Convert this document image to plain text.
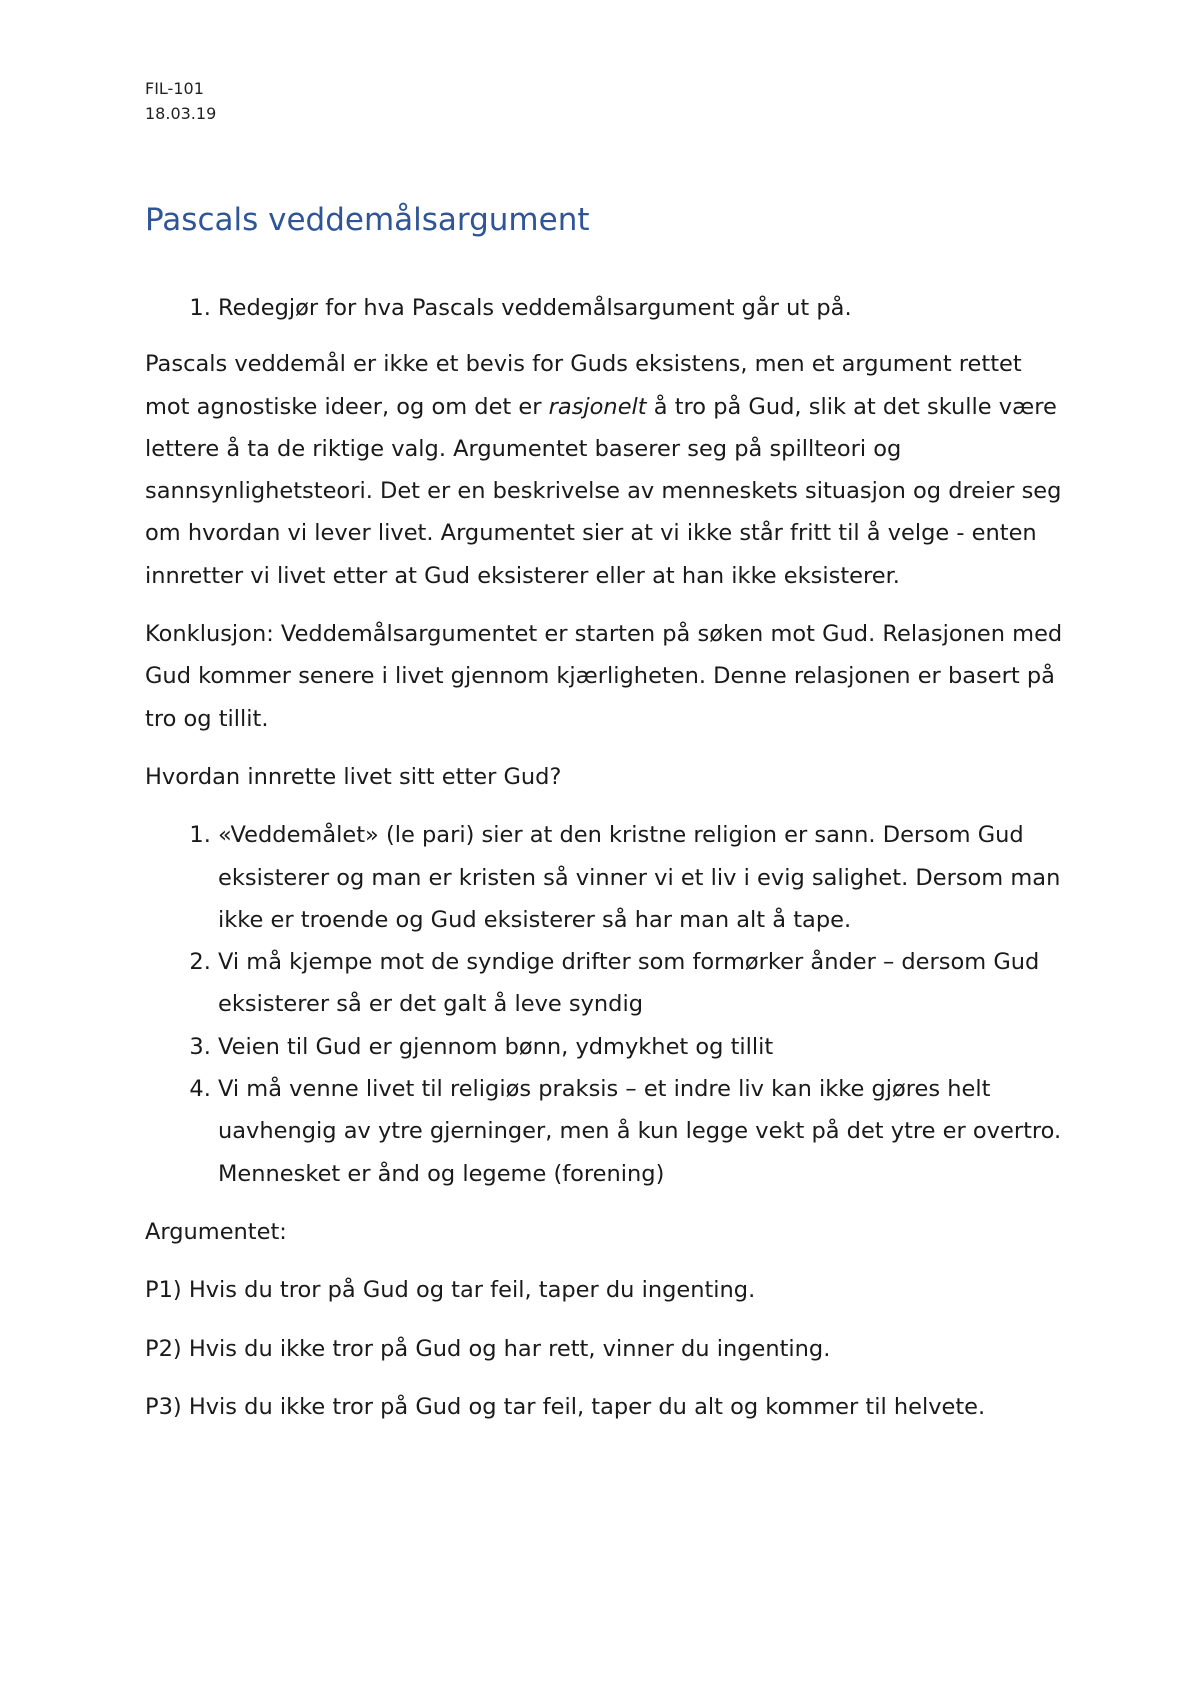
FIL-101
18.03.19
Pascals veddemålsargument
1. Redegjør for hva Pascals veddemålsargument går ut på.

Pascals veddemål er ikke et bevis for Guds eksistens, men et argument rettet mot agnostiske ideer, og om det er rasjonelt å tro på Gud, slik at det skulle være lettere å ta de riktige valg. Argumentet baserer seg på spillteori og sannsynlighetsteori. Det er en beskrivelse av menneskets situasjon og dreier seg om hvordan vi lever livet. Argumentet sier at vi ikke står fritt til å velge - enten innretter vi livet etter at Gud eksisterer eller at han ikke eksisterer.

Konklusjon: Veddemålsargumentet er starten på søken mot Gud. Relasjonen med Gud kommer senere i livet gjennom kjærligheten. Denne relasjonen er basert på tro og tillit.

Hvordan innrette livet sitt etter Gud?

1. «Veddemålet» (le pari) sier at den kristne religion er sann. Dersom Gud eksisterer og man er kristen så vinner vi et liv i evig salighet. Dersom man ikke er troende og Gud eksisterer så har man alt å tape.
2. Vi må kjempe mot de syndige drifter som formørker ånder – dersom Gud eksisterer så er det galt å leve syndig
3. Veien til Gud er gjennom bønn, ydmykhet og tillit
4. Vi må venne livet til religiøs praksis – et indre liv kan ikke gjøres helt uavhengig av ytre gjerninger, men å kun legge vekt på det ytre er overtro. Mennesket er ånd og legeme (forening)

Argumentet:

P1) Hvis du tror på Gud og tar feil, taper du ingenting.

P2) Hvis du ikke tror på Gud og har rett, vinner du ingenting.

P3) Hvis du ikke tror på Gud og tar feil, taper du alt og kommer til helvete.
